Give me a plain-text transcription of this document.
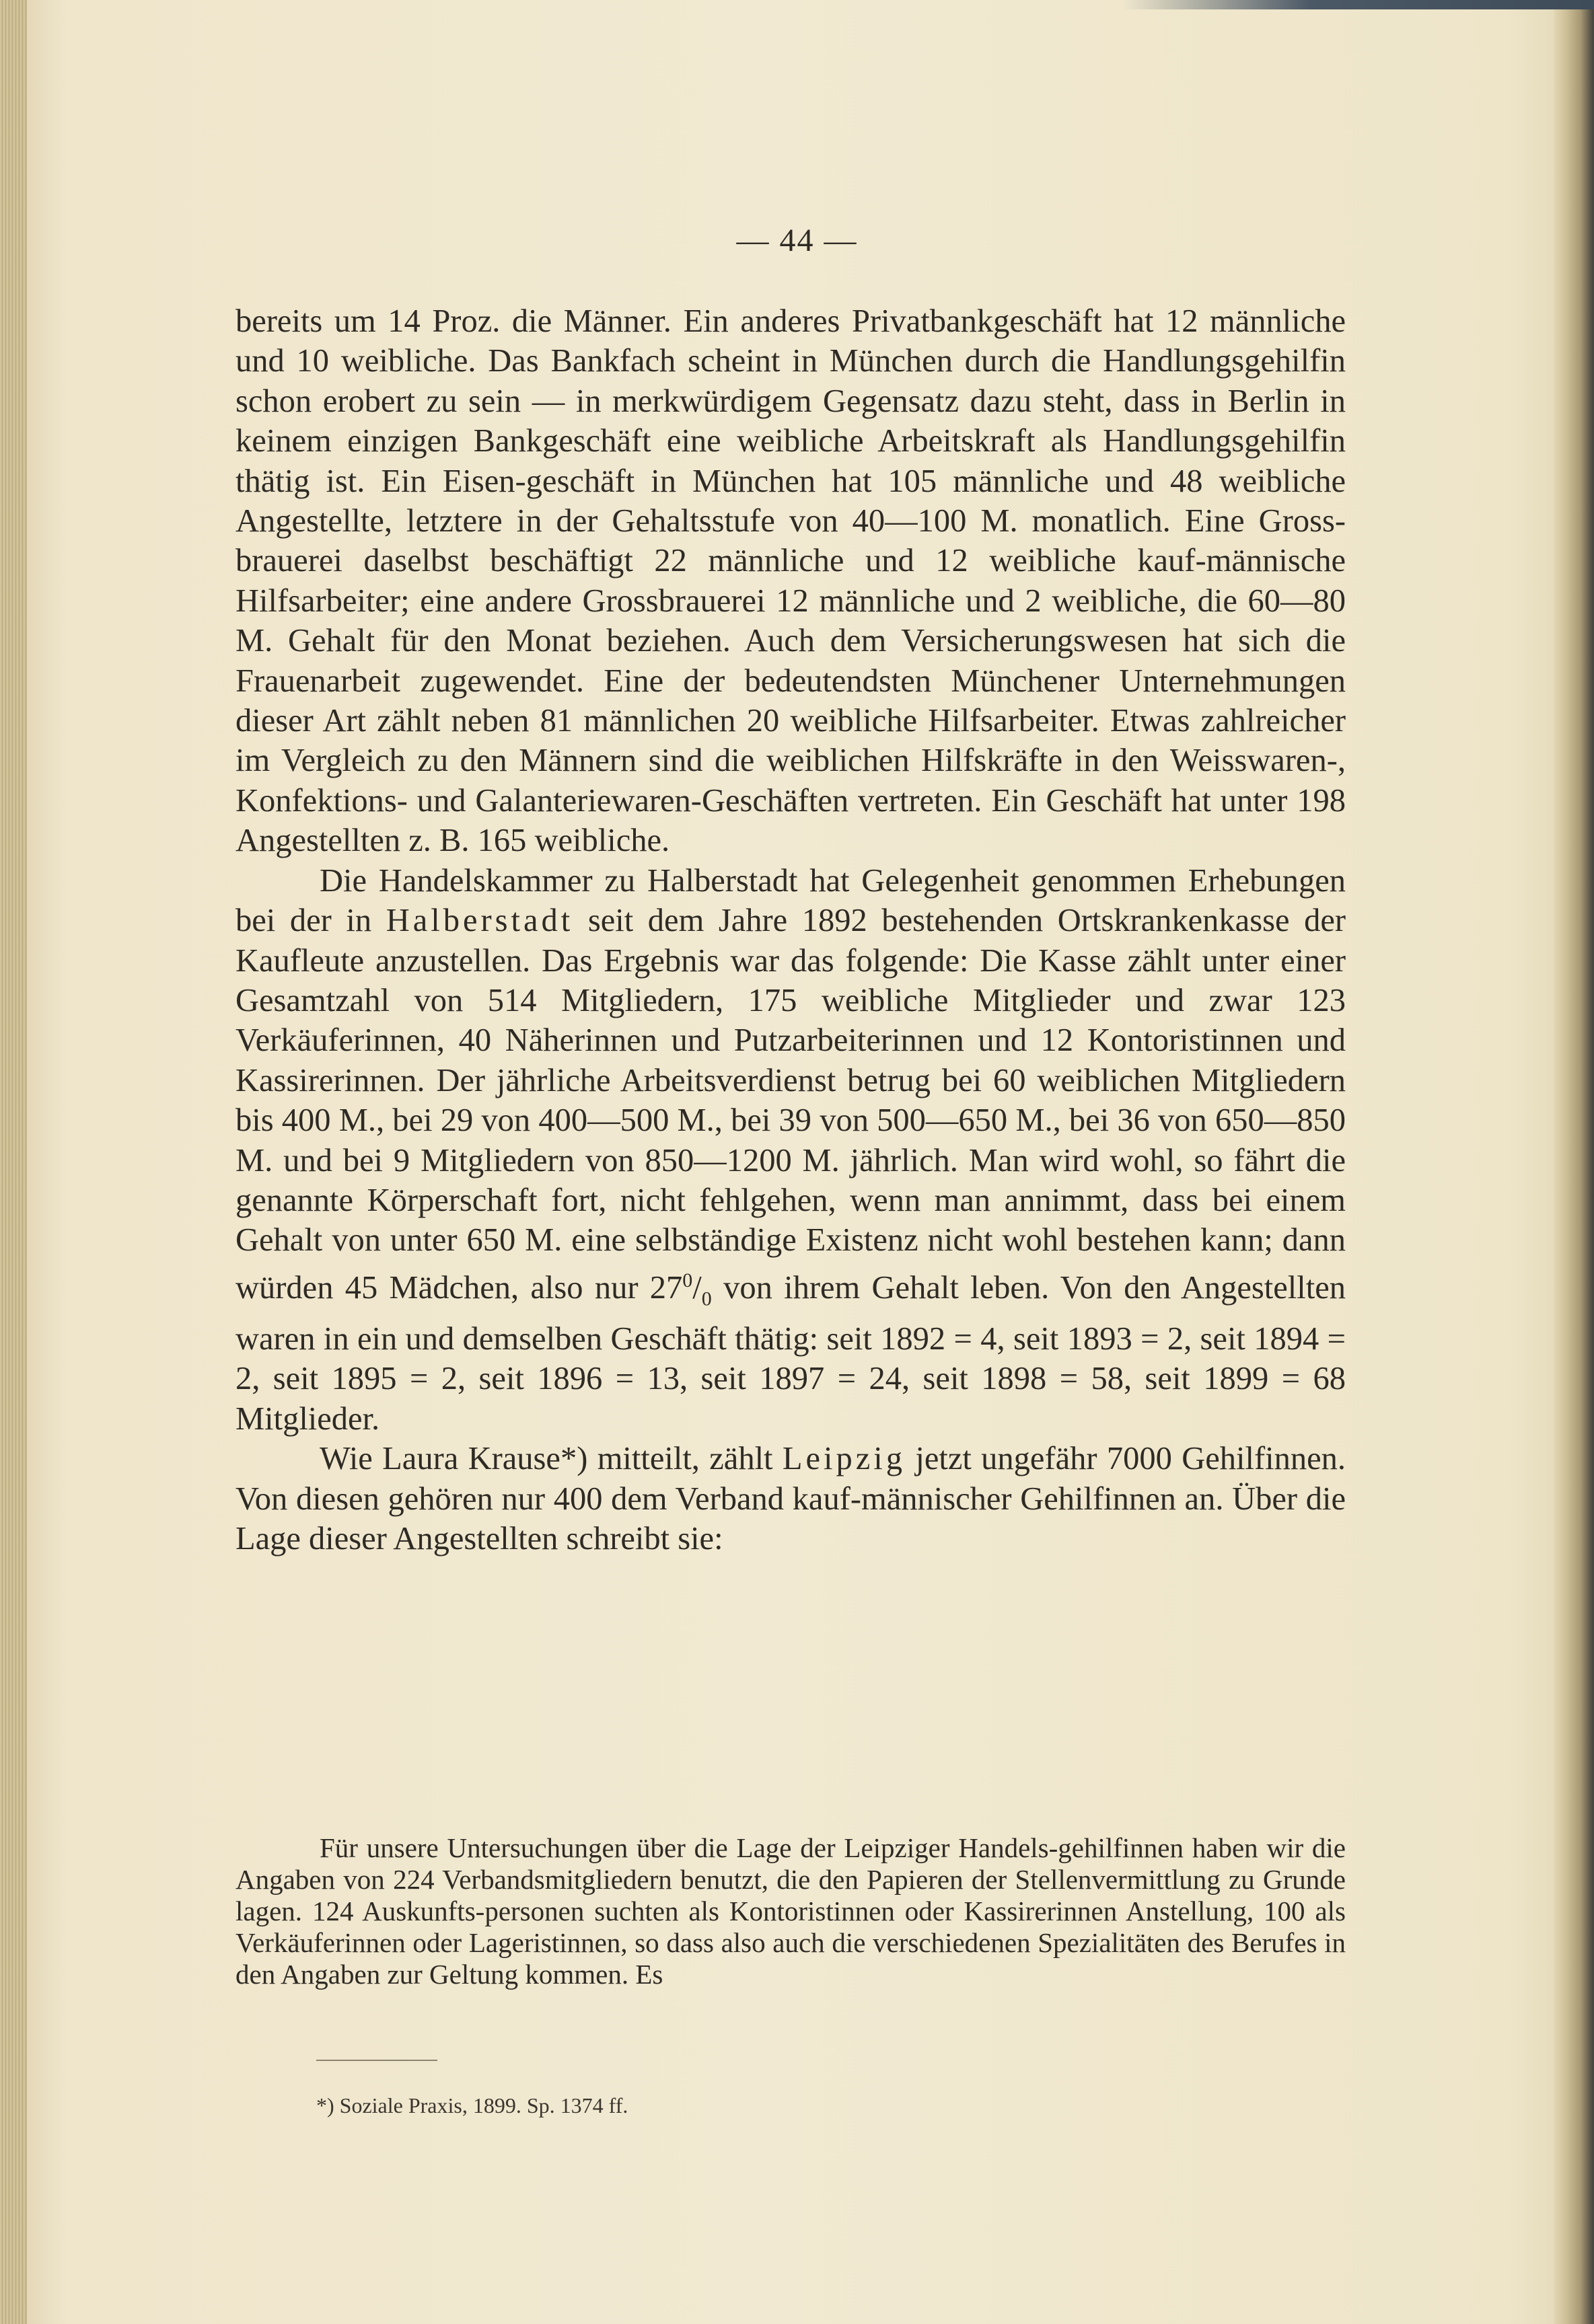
— 44 —

bereits um 14 Proz. die Männer. Ein anderes Privatbankgeschäft hat 12 männliche und 10 weibliche. Das Bankfach scheint in München durch die Handlungsgehilfin schon erobert zu sein — in merkwürdigem Gegensatz dazu steht, dass in Berlin in keinem einzigen Bankgeschäft eine weibliche Arbeitskraft als Handlungsgehilfin thätig ist. Ein Eisen-geschäft in München hat 105 männliche und 48 weibliche Angestellte, letztere in der Gehaltsstufe von 40—100 M. monatlich. Eine Gross-brauerei daselbst beschäftigt 22 männliche und 12 weibliche kauf-männische Hilfsarbeiter; eine andere Grossbrauerei 12 männliche und 2 weibliche, die 60—80 M. Gehalt für den Monat beziehen. Auch dem Versicherungswesen hat sich die Frauenarbeit zugewendet. Eine der bedeutendsten Münchener Unternehmungen dieser Art zählt neben 81 männlichen 20 weibliche Hilfsarbeiter. Etwas zahlreicher im Vergleich zu den Männern sind die weiblichen Hilfskräfte in den Weisswaren-, Konfektions- und Galanteriewaren-Geschäften vertreten. Ein Geschäft hat unter 198 Angestellten z. B. 165 weibliche.

Die Handelskammer zu Halberstadt hat Gelegenheit genommen Erhebungen bei der in Halberstadt seit dem Jahre 1892 bestehenden Ortskrankenkasse der Kaufleute anzustellen. Das Ergebnis war das folgende: Die Kasse zählt unter einer Gesamtzahl von 514 Mitgliedern, 175 weibliche Mitglieder und zwar 123 Verkäuferinnen, 40 Näherinnen und Putzarbeiterinnen und 12 Kontoristinnen und Kassirerinnen. Der jährliche Arbeitsverdienst betrug bei 60 weiblichen Mitgliedern bis 400 M., bei 29 von 400—500 M., bei 39 von 500—650 M., bei 36 von 650—850 M. und bei 9 Mitgliedern von 850—1200 M. jährlich. Man wird wohl, so fährt die genannte Körperschaft fort, nicht fehlgehen, wenn man annimmt, dass bei einem Gehalt von unter 650 M. eine selbständige Existenz nicht wohl bestehen kann; dann würden 45 Mädchen, also nur $27^0/_0$ von ihrem Gehalt leben. Von den Angestellten waren in ein und demselben Geschäft thätig: seit 1892 = 4, seit 1893 = 2, seit 1894 = 2, seit 1895 = 2, seit 1896 = 13, seit 1897 = 24, seit 1898 = 58, seit 1899 = 68 Mitglieder.

Wie Laura Krause*) mitteilt, zählt Leipzig jetzt ungefähr 7000 Gehilfinnen. Von diesen gehören nur 400 dem Verband kauf-männischer Gehilfinnen an. Über die Lage dieser Angestellten schreibt sie:

Für unsere Untersuchungen über die Lage der Leipziger Handels-gehilfinnen haben wir die Angaben von 224 Verbandsmitgliedern benutzt, die den Papieren der Stellenvermittlung zu Grunde lagen. 124 Auskunfts-personen suchten als Kontoristinnen oder Kassirerinnen Anstellung, 100 als Verkäuferinnen oder Lageristinnen, so dass also auch die verschiedenen Spezialitäten des Berufes in den Angaben zur Geltung kommen. Es

*) Soziale Praxis, 1899. Sp. 1374 ff.
